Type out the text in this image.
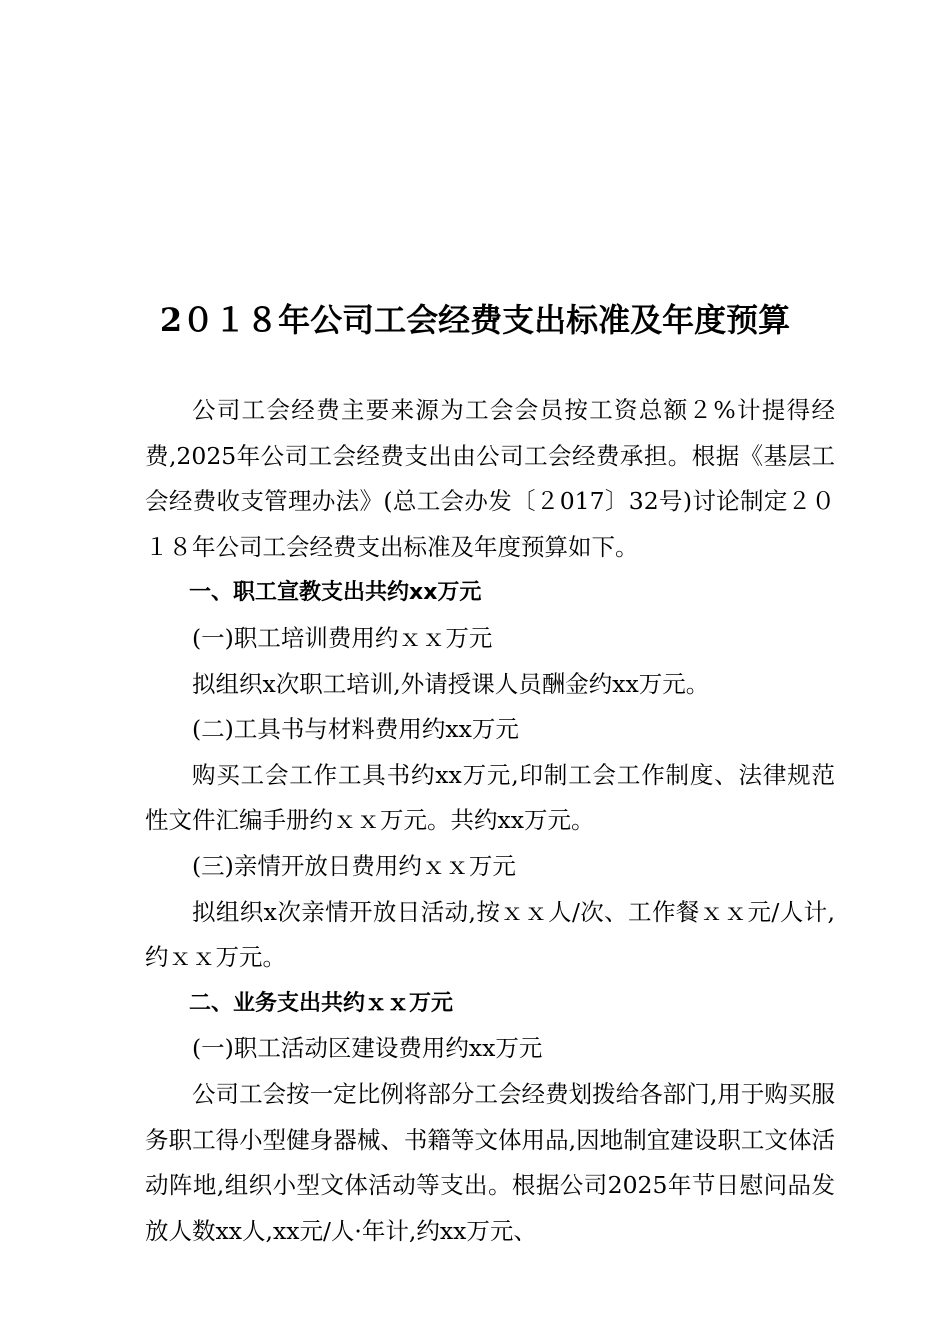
2０１８年公司工会经费支出标准及年度预算

公司工会经费主要来源为工会会员按工资总额２%计提得经费,2025年公司工会经费支出由公司工会经费承担。根据《基层工会经费收支管理办法》(总工会办发〔２017〕32号)讨论制定２０１８年公司工会经费支出标准及年度预算如下。

一、职工宣教支出共约xx万元

(一)职工培训费用约ｘｘ万元

拟组织x次职工培训,外请授课人员酬金约xx万元。

(二)工具书与材料费用约xx万元

购买工会工作工具书约xx万元,印制工会工作制度、法律规范性文件汇编手册约ｘｘ万元。共约xx万元。

(三)亲情开放日费用约ｘｘ万元

拟组织x次亲情开放日活动,按ｘｘ人/次、工作餐ｘｘ元/人计,约ｘｘ万元。

二、业务支出共约ｘｘ万元

(一)职工活动区建设费用约xx万元

公司工会按一定比例将部分工会经费划拨给各部门,用于购买服务职工得小型健身器械、书籍等文体用品,因地制宜建设职工文体活动阵地,组织小型文体活动等支出。根据公司2025年节日慰问品发放人数xx人,xx元/人·年计,约xx万元、
